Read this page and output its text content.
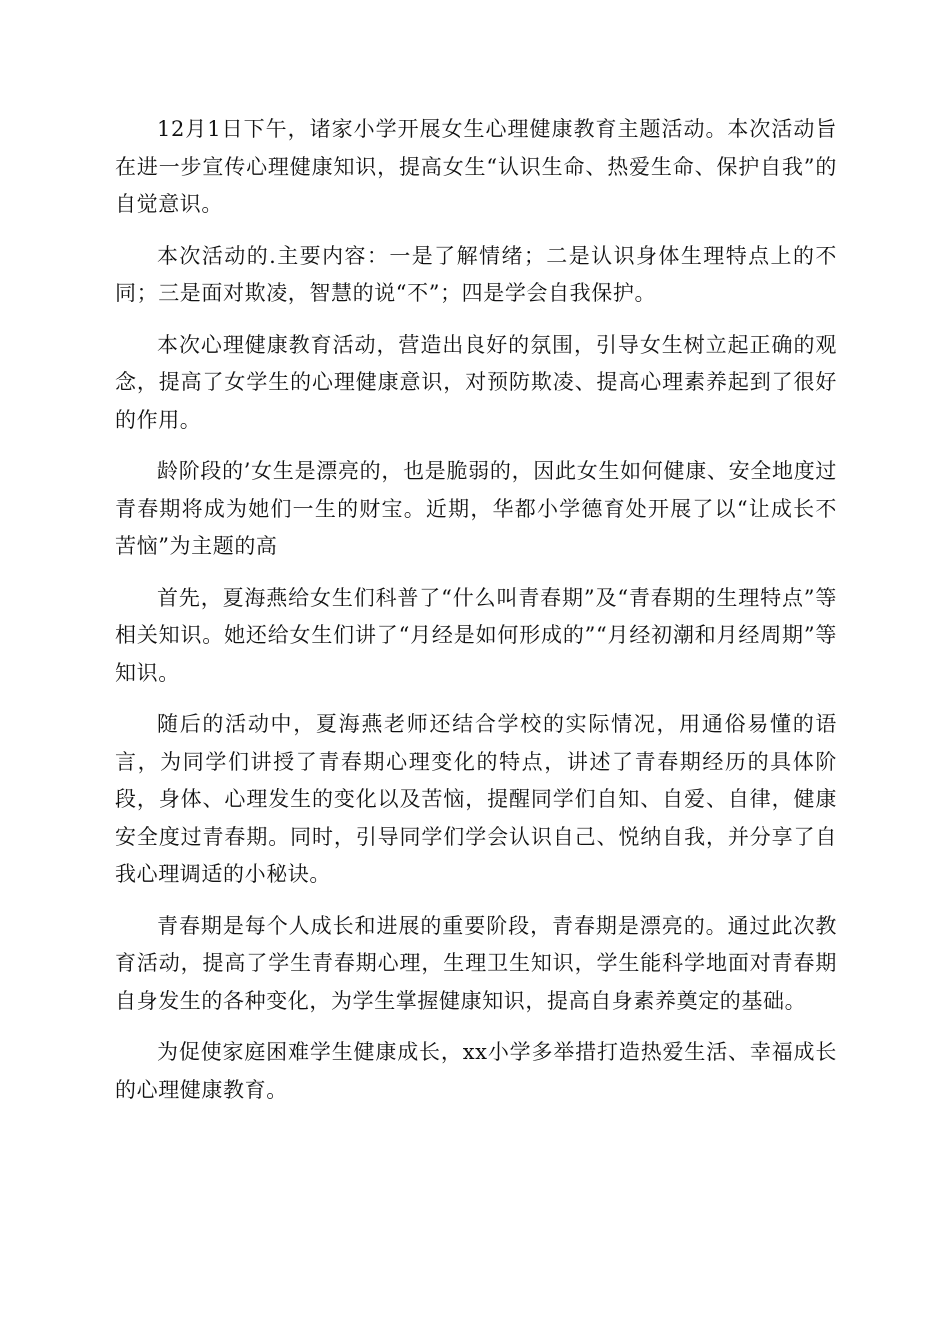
12月1日下午，诸家小学开展女生心理健康教育主题活动。本次活动旨在进一步宣传心理健康知识，提高女生“认识生命、热爱生命、保护自我”的自觉意识。

本次活动的.主要内容：一是了解情绪；二是认识身体生理特点上的不同；三是面对欺凌，智慧的说“不”；四是学会自我保护。

本次心理健康教育活动，营造出良好的氛围，引导女生树立起正确的观念，提高了女学生的心理健康意识，对预防欺凌、提高心理素养起到了很好的作用。

龄阶段的’女生是漂亮的，也是脆弱的，因此女生如何健康、安全地度过青春期将成为她们一生的财宝。近期，华都小学德育处开展了以“让成长不苦恼”为主题的高

首先，夏海燕给女生们科普了“什么叫青春期”及“青春期的生理特点”等相关知识。她还给女生们讲了“月经是如何形成的”“月经初潮和月经周期”等知识。

随后的活动中，夏海燕老师还结合学校的实际情况，用通俗易懂的语言，为同学们讲授了青春期心理变化的特点，讲述了青春期经历的具体阶段，身体、心理发生的变化以及苦恼，提醒同学们自知、自爱、自律，健康安全度过青春期。同时，引导同学们学会认识自己、悦纳自我，并分享了自我心理调适的小秘诀。

青春期是每个人成长和进展的重要阶段，青春期是漂亮的。通过此次教育活动，提高了学生青春期心理，生理卫生知识，学生能科学地面对青春期自身发生的各种变化，为学生掌握健康知识，提高自身素养奠定的基础。

为促使家庭困难学生健康成长，xx小学多举措打造热爱生活、幸福成长的心理健康教育。
